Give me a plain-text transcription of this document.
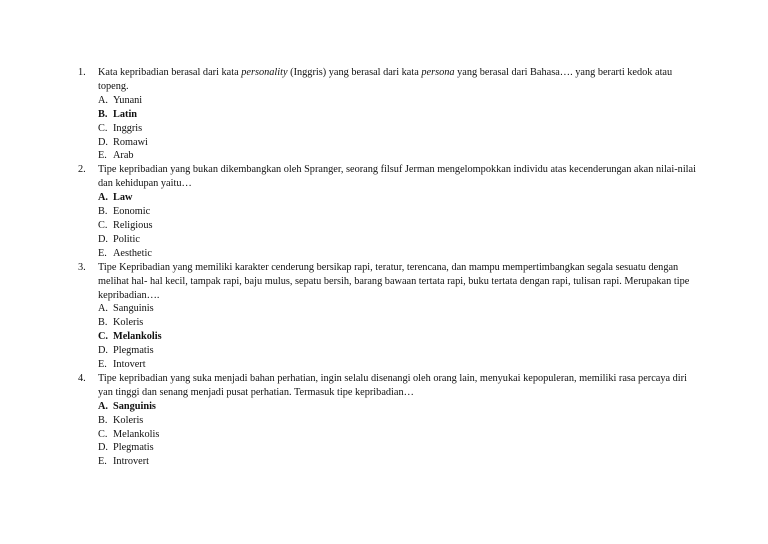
1. Kata kepribadian berasal dari kata personality (Inggris) yang berasal dari kata persona yang berasal dari Bahasa…. yang berarti kedok atau topeng.
A. Yunani
B. Latin
C. Inggris
D. Romawi
E. Arab
2. Tipe kepribadian yang bukan dikembangkan oleh Spranger, seorang filsuf Jerman mengelompokkan individu atas kecenderungan akan nilai-nilai dan kehidupan yaitu…
A. Law
B. Eonomic
C. Religious
D. Politic
E. Aesthetic
3. Tipe Kepribadian yang memiliki karakter cenderung bersikap rapi, teratur, terencana, dan mampu mempertimbangkan segala sesuatu dengan melihat hal- hal kecil, tampak rapi, baju mulus, sepatu bersih, barang bawaan tertata rapi, buku tertata dengan rapi, tulisan rapi. Merupakan tipe kepribadian….
A. Sanguinis
B. Koleris
C. Melankolis
D. Plegmatis
E. Intovert
4. Tipe kepribadian yang suka menjadi bahan perhatian, ingin selalu disenangi oleh orang lain, menyukai kepopuleran, memiliki rasa percaya diri yan tinggi dan senang menjadi pusat perhatian. Termasuk tipe kepribadian…
A. Sanguinis
B. Koleris
C. Melankolis
D. Plegmatis
E. Introvert
